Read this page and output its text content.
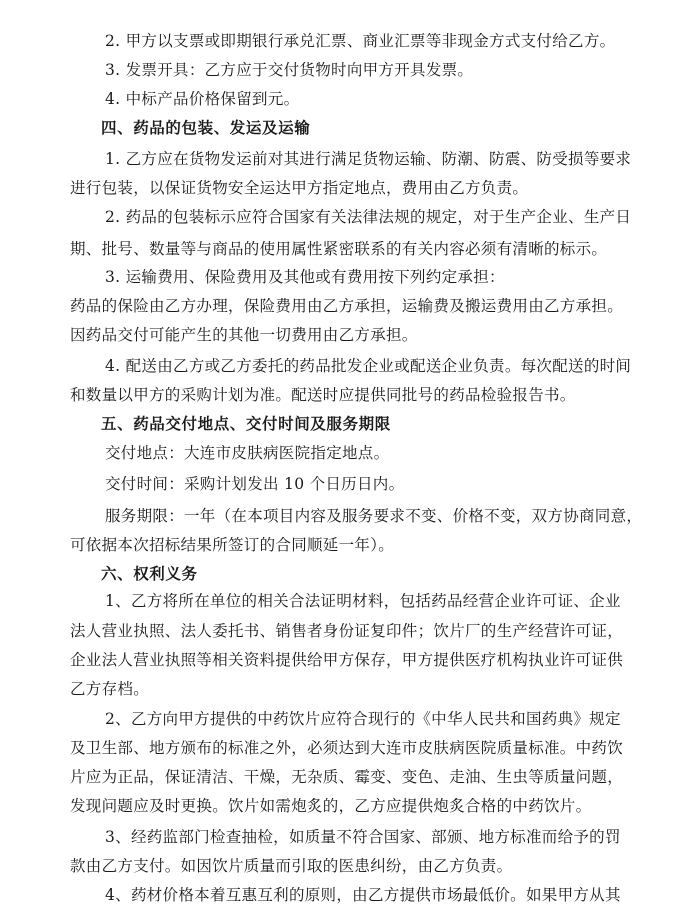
2. 甲方以支票或即期银行承兑汇票、商业汇票等非现金方式支付给乙方。
3. 发票开具：乙方应于交付货物时向甲方开具发票。
4. 中标产品价格保留到元。
四、药品的包装、发运及运输
1. 乙方应在货物发运前对其进行满足货物运输、防潮、防震、防受损等要求
进行包装，以保证货物安全运达甲方指定地点，费用由乙方负责。
2. 药品的包装标示应符合国家有关法律法规的规定，对于生产企业、生产日
期、批号、数量等与商品的使用属性紧密联系的有关内容必须有清晰的标示。
3. 运输费用、保险费用及其他或有费用按下列约定承担：
药品的保险由乙方办理，保险费用由乙方承担，运输费及搬运费用由乙方承担。
因药品交付可能产生的其他一切费用由乙方承担。
4. 配送由乙方或乙方委托的药品批发企业或配送企业负责。每次配送的时间
和数量以甲方的采购计划为准。配送时应提供同批号的药品检验报告书。
五、药品交付地点、交付时间及服务期限
交付地点：大连市皮肤病医院指定地点。
交付时间：采购计划发出 10 个日历日内。
服务期限：一年（在本项目内容及服务要求不变、价格不变，双方协商同意，
可依据本次招标结果所签订的合同顺延一年）。
六、权利义务
1、乙方将所在单位的相关合法证明材料，包括药品经营企业许可证、企业
法人营业执照、法人委托书、销售者身份证复印件；饮片厂的生产经营许可证，
企业法人营业执照等相关资料提供给甲方保存，甲方提供医疗机构执业许可证供
乙方存档。
2、乙方向甲方提供的中药饮片应符合现行的《中华人民共和国药典》规定
及卫生部、地方颁布的标准之外，必须达到大连市皮肤病医院质量标准。中药饮
片应为正品，保证清洁、干燥，无杂质、霉变、变色、走油、生虫等质量问题，
发现问题应及时更换。饮片如需炮炙的，乙方应提供炮炙合格的中药饮片。
3、经药监部门检查抽检，如质量不符合国家、部颁、地方标准而给予的罚
款由乙方支付。如因饮片质量而引取的医患纠纷，由乙方负责。
4、药材价格本着互惠互利的原则，由乙方提供市场最低价。如果甲方从其
